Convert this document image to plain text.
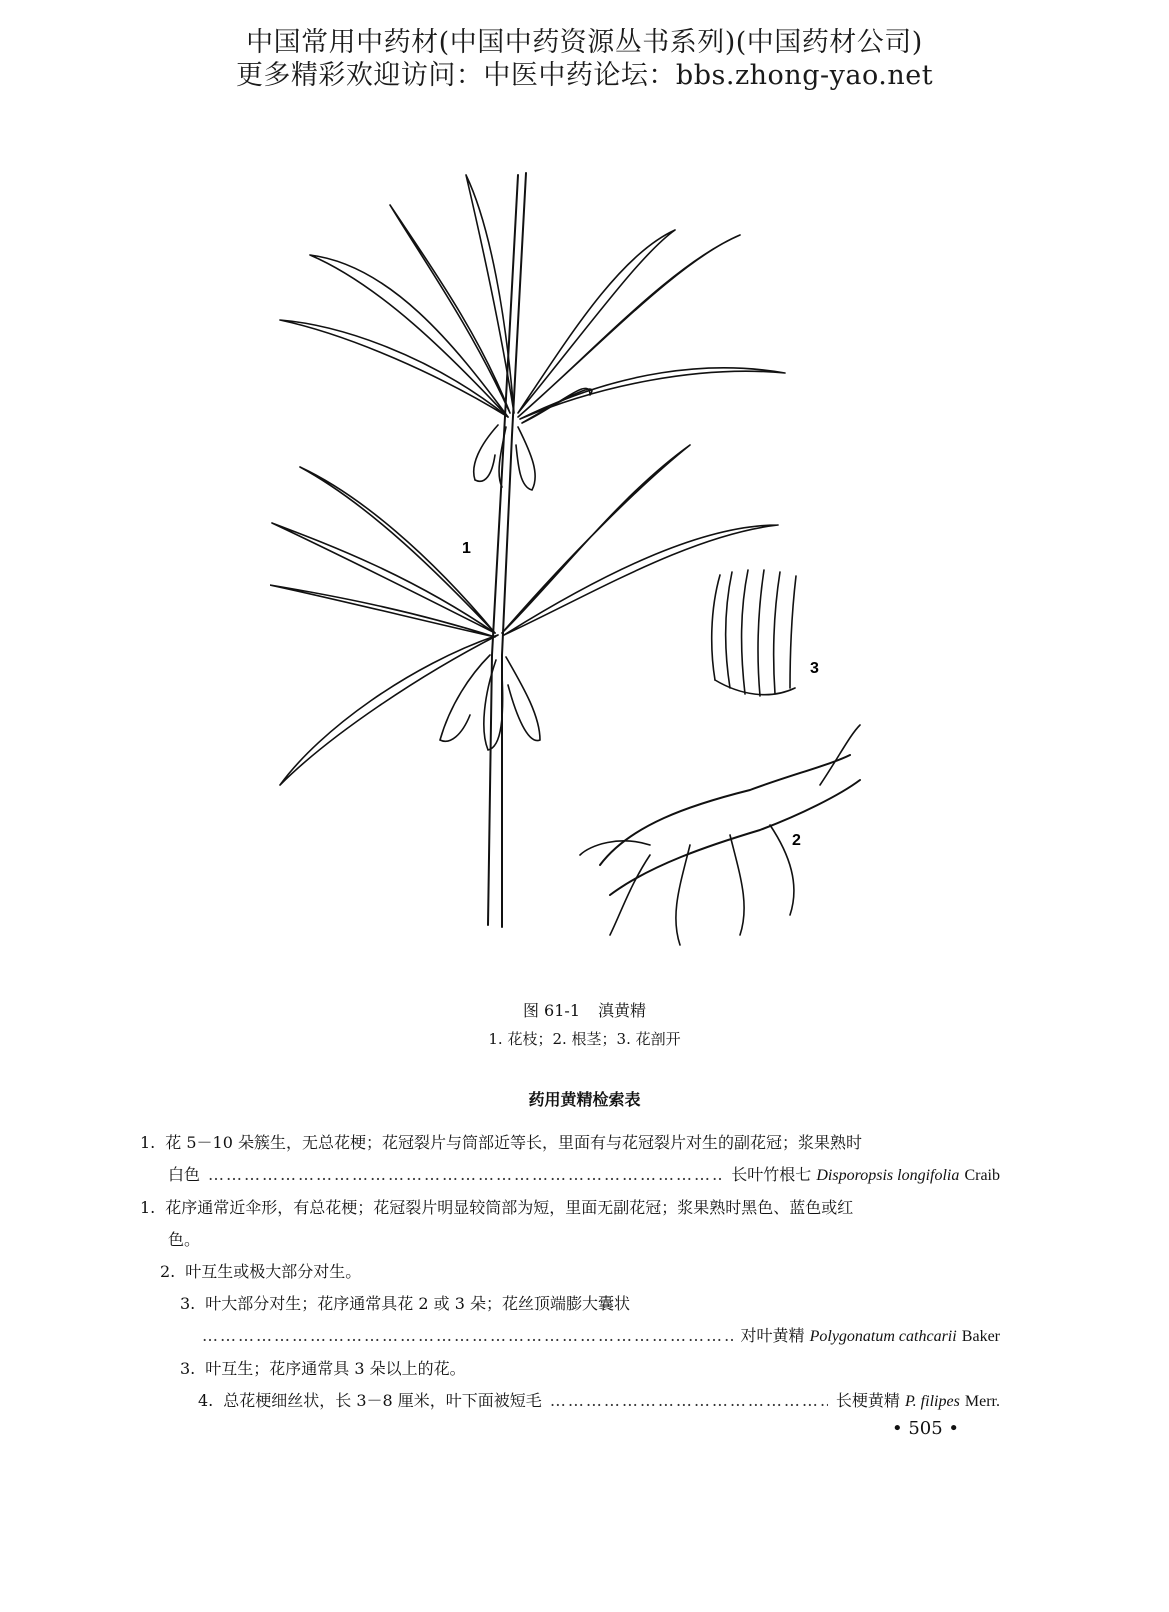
中国常用中药材(中国中药资源丛书系列)(中国药材公司)
更多精彩欢迎访问：中医中药论坛：bbs.zhong-yao.net
1
3
2
图 61-1 滇黄精
1. 花枝；2. 根茎；3. 花剖开
药用黄精检索表
1. 花 5－10 朵簇生，无总花梗；花冠裂片与筒部近等长，里面有与花冠裂片对生的副花冠；浆果熟时
白色 ………………………………………………………………………………………………………………………………………………	长叶竹根七
Disporopsis longifolia
Craib
1. 花序通常近伞形，有总花梗；花冠裂片明显较筒部为短，里面无副花冠；浆果熟时黑色、蓝色或红
色。
2. 叶互生或极大部分对生。
3. 叶大部分对生；花序通常具花 2 或 3 朵；花丝顶端膨大囊状
………………………………………………………………………………………………………………………………………………
对叶黄精
Polygonatum cathcarii
Baker
3. 叶互生；花序通常具 3 朵以上的花。
4. 总花梗细丝状，长 3－8 厘米，叶下面被短毛 ………………………………………………………………………………………………………………………………………………	长梗黄精
P. filipes
Merr.
• 505 •
